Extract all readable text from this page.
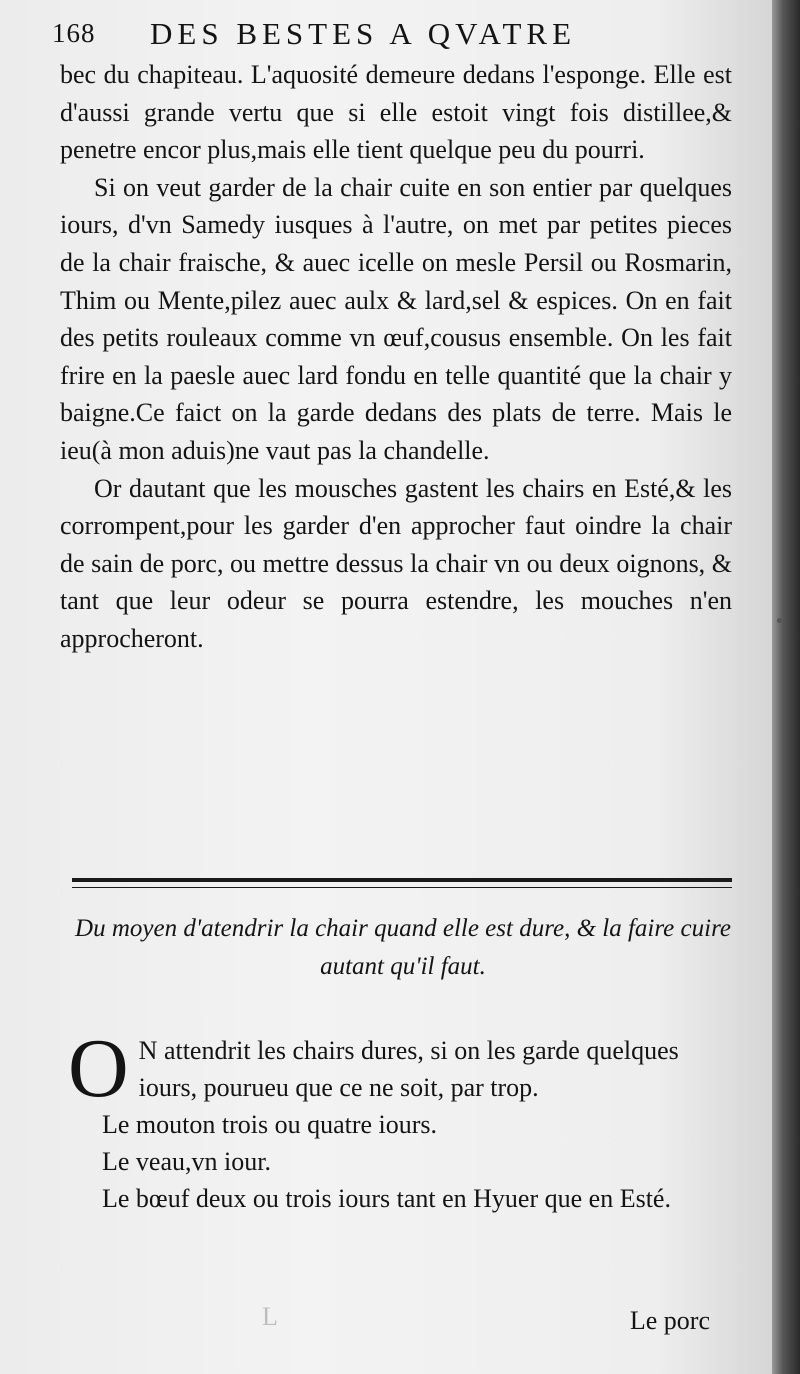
168 DES BESTES A QVATRE

bec du chapiteau. L'aquosité demeure dedans l'esponge. Elle est d'aussi grande vertu que si elle estoit vingt fois distillee,& penetre encor plus,mais elle tient quelque peu du pourri.

Si on veut garder de la chair cuite en son entier par quelques iours, d'vn Samedy iusques à l'autre, on met par petites pieces de la chair fraische, & auec icelle on mesle Persil ou Rosmarin, Thim ou Mente,pilez auec aulx & lard,sel & espices. On en fait des petits rouleaux comme vn œuf,cousus ensemble. On les fait frire en la paesle auec lard fondu en telle quantité que la chair y baigne.Ce faict on la garde dedans des plats de terre. Mais le ieu(à mon aduis)ne vaut pas la chandelle.

Or dautant que les mousches gastent les chairs en Esté,& les corrompent,pour les garder d'en approcher faut oindre la chair de sain de porc, ou mettre dessus la chair vn ou deux oignons, & tant que leur odeur se pourra estendre, les mouches n'en approcheront.

Du moyen d'atendrir la chair quand elle est dure, & la faire cuire autant qu'il faut.

O N attendrit les chairs dures, si on les garde quelques iours, pourueu que ce ne soit, par trop.

Le mouton trois ou quatre iours.

Le veau,vn iour.

Le bœuf deux ou trois iours tant en Hyuer que en Esté.

L	Le porc
